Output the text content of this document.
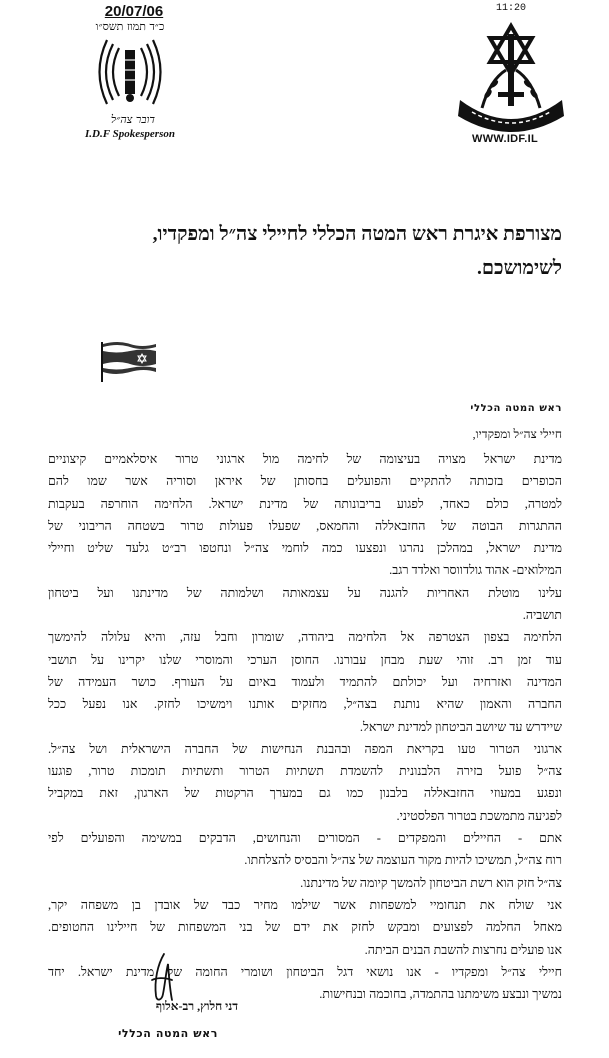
20/07/06
כ״ד תמוז תשס״ו
דובר צה״ל
I.D.F Spokesperson
11:20
WWW.IDF.IL
מצורפת איגרת ראש המטה הכללי לחיילי צה״ל ומפקדיו,
לשימושכם.
ראש המטה הכללי
חיילי צה״ל ומפקדיו,
מדינת ישראל מצויה בעיצומה של לחימה מול ארגוני טרור איסלאמיים קיצוניים
הכופרים בזכותה להתקיים והפועלים בחסותן של איראן וסוריה אשר שמו להם
למטרה, כולם כאחד, לפגוע בריבונותה של מדינת ישראל. הלחימה הוחרפה בעקבות
ההתגרות הבוטה של החזבאללה והחמאס, שפעלו פעולות טרור בשטחה הריבוני של
מדינת ישראל, במהלכן נהרגו ונפצעו כמה לוחמי צה״ל ונחטפו רב״ט גלעד שליט וחיילי
המילואים- אהוד גולדווסר ואלדד רגב.
עלינו מוטלת האחריות להגנה על עצמאותה ושלמותה של מדינתנו ועל ביטחון
תושביה.
הלחימה בצפון הצטרפה אל הלחימה ביהודה, שומרון וחבל עזה, והיא עלולה להימשך
עוד זמן רב. זוהי שעת מבחן עבורנו. החוסן הערכי והמוסרי שלנו יקרינו על תושבי
המדינה ואזרחיה ועל יכולתם להתמיד ולעמוד באיום על העורף. כושר העמידה של
החברה והאמון שהיא נותנת בצה״ל, מחזקים אותנו וימשיכו לחזק. אנו נפעל ככל
שיידרש עד שיושב הביטחון למדינת ישראל.
ארגוני הטרור טעו בקריאת המפה ובהבנת הנחישות של החברה הישראלית ושל צה״ל.
צה״ל פועל בזירה הלבנונית להשמדת תשתיות הטרור ותשתיות תומכות טרור, פוגעו
ונפגע במעוזי החזבאללה בלבנון כמו גם במערך הרקטות של הארגון, זאת במקביל
לפגיעה מתמשכת בטרור הפלסטיני.
אתם - החיילים והמפקדים - המסורים והנחושים, הדבקים במשימה והפועלים לפי
רוח צה״ל, תמשיכו להיות מקור העוצמה של צה״ל והבסיס להצלחתו.
צה״ל חזק הוא רשת הביטחון להמשך קיומה של מדינתנו.
אני שולח את תנחומיי למשפחות אשר שילמו מחיר כבד של אובדן בן משפחה יקר,
מאחל החלמה לפצועים ומבקש לחזק את ידם של בני המשפחות של חיילינו החטופים.
אנו פועלים נחרצות להשבת הבנים הביתה.
חיילי צה״ל ומפקדיו - אנו נושאי דגל הביטחון ושומרי החומה של מדינת ישראל. יחד
נמשיך ונבצע משימתנו בהתמדה, בחוכמה ובנחישות.
דני חלוץ, רב-אלוף
ראש המטה הכללי
